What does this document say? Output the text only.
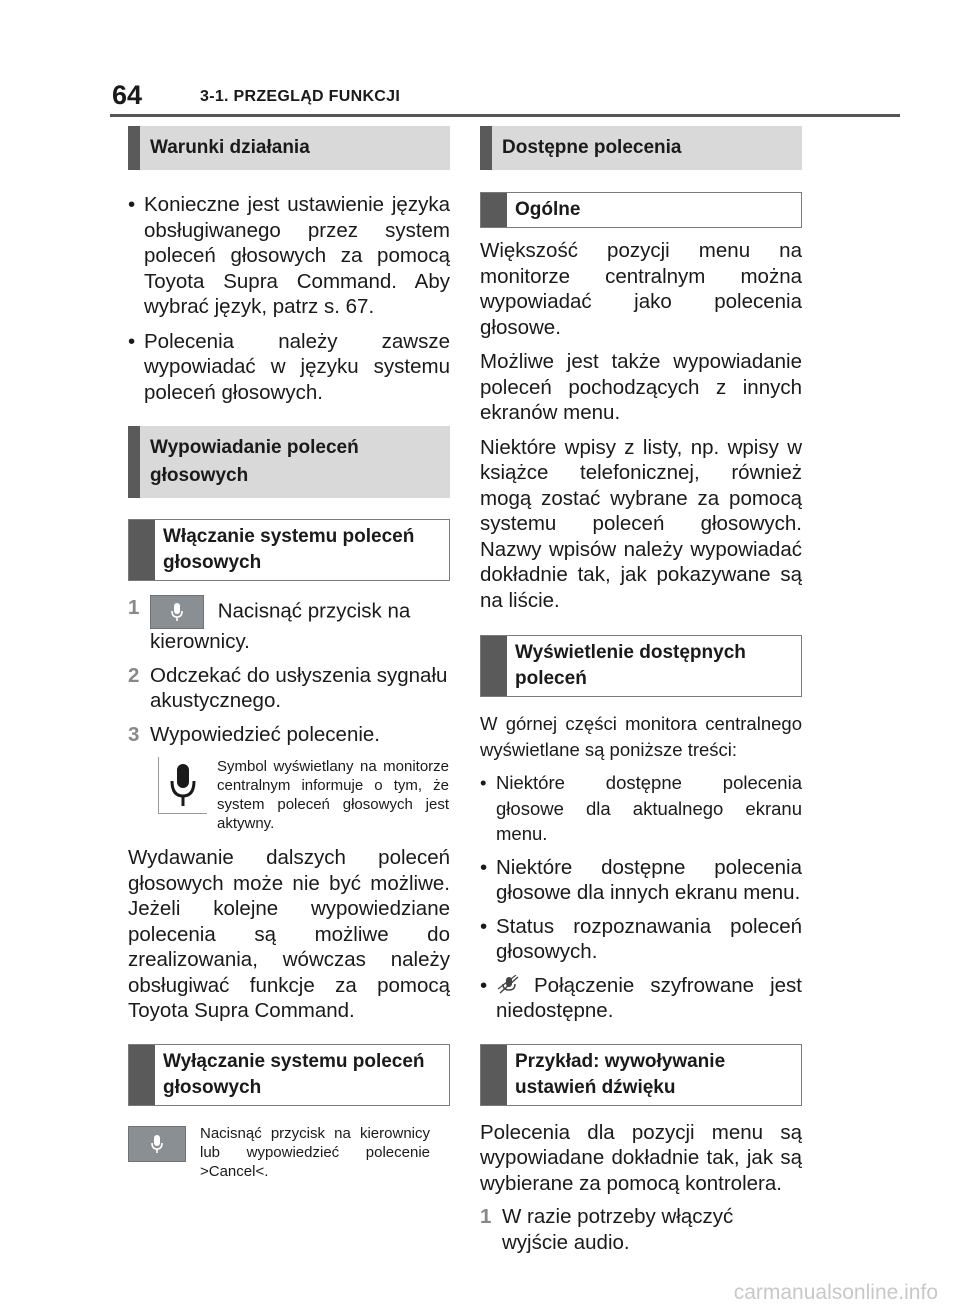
64	3-1. PRZEGLĄD FUNKCJI
Warunki działania

• Konieczne jest ustawienie języka obsługiwanego przez system poleceń głosowych za pomocą Toyota Supra Command. Aby wybrać język, patrz s. 67.

• Polecenia należy zawsze wypowiadać w języku systemu poleceń głosowych.

Wypowiadanie poleceń głosowych
Włączanie systemu poleceń głosowych
1	Nacisnąć przycisk na kierownicy.
2 Odczekać do usłyszenia sygnału akustycznego.
3 Wypowiedzieć polecenie.

Symbol wyświetlany na monitorze centralnym informuje o tym, że system poleceń głosowych jest aktywny.

Wydawanie dalszych poleceń głosowych może nie być możliwe. Jeżeli kolejne wypowiedziane polecenia są możliwe do zrealizowania, wówczas należy obsługiwać funkcje za pomocą Toyota Supra Command.

Wyłączanie systemu poleceń głosowych

Nacisnąć przycisk na kierownicy lub wypowiedzieć polecenie >Cancel<.

Dostępne polecenia
Ogólne

Większość pozycji menu na monitorze centralnym można wypowiadać jako polecenia głosowe.

Możliwe jest także wypowiadanie poleceń pochodzących z innych ekranów menu.

Niektóre wpisy z listy, np. wpisy w książce telefonicznej, również mogą zostać wybrane za pomocą systemu poleceń głosowych. Nazwy wpisów należy wypowiadać dokładnie tak, jak pokazywane są na liście.

Wyświetlenie dostępnych poleceń

W górnej części monitora centralnego wyświetlane są poniższe treści:

• Niektóre dostępne polecenia głosowe dla aktualnego ekranu menu.

• Niektóre dostępne polecenia głosowe dla innych ekranu menu.

• Status rozpoznawania poleceń głosowych.

• Połączenie szyfrowane jest niedostępne.
Przykład: wywoływanie ustawień dźwięku

Polecenia dla pozycji menu są wypowiadane dokładnie tak, jak są wybierane za pomocą kontrolera.

1 W razie potrzeby włączyć wyjście audio.
carmanualsonline.info
